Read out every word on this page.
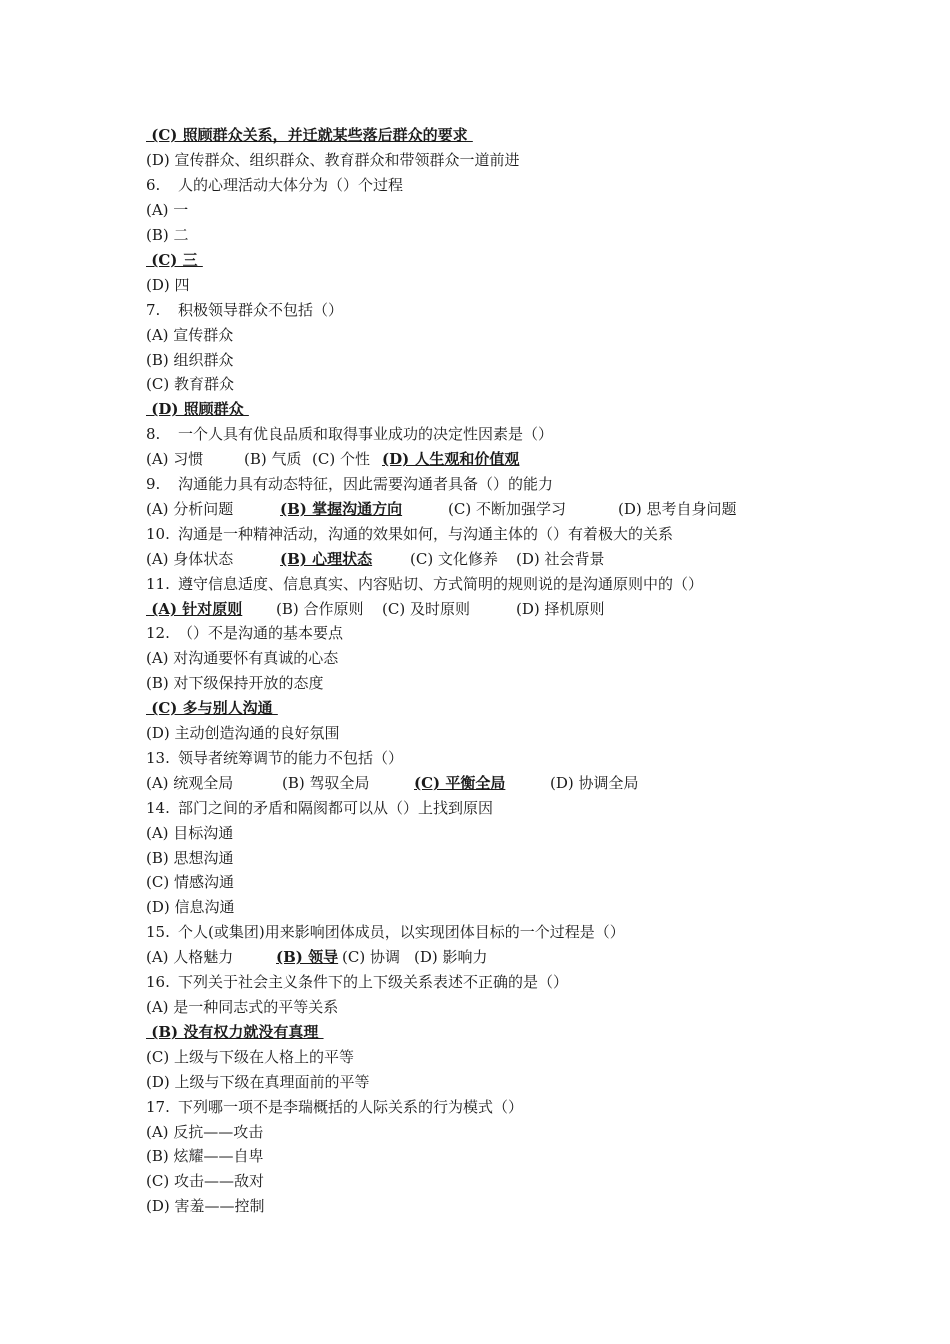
(C) 照顾群众关系，并迁就某些落后群众的要求
(D) 宣传群众、组织群众、教育群众和带领群众一道前进
6. 人的心理活动大体分为（）个过程
(A) 一
(B) 二
(C) 三
(D) 四
7. 积极领导群众不包括（）
(A) 宣传群众
(B) 组织群众
(C) 教育群众
(D) 照顾群众
8. 一个人具有优良品质和取得事业成功的决定性因素是（）
(A) 习惯	(B) 气质 (C) 个性 (D) 人生观和价值观
9. 沟通能力具有动态特征，因此需要沟通者具备（）的能力
(A) 分析问题	(B) 掌握沟通方向	(C) 不断加强学习	(D) 思考自身问题
10. 沟通是一种精神活动，沟通的效果如何，与沟通主体的（）有着极大的关系
(A) 身体状态	(B) 心理状态	(C) 文化修养 (D) 社会背景
11. 遵守信息适度、信息真实、内容贴切、方式简明的规则说的是沟通原则中的（）
(A) 针对原则 (B) 合作原则 (C) 及时原则	(D) 择机原则
12. （）不是沟通的基本要点
(A) 对沟通要怀有真诚的心态
(B) 对下级保持开放的态度
(C) 多与别人沟通
(D) 主动创造沟通的良好氛围
13. 领导者统筹调节的能力不包括（）
(A) 统观全局	(B) 驾驭全局	(C) 平衡全局	(D) 协调全局
14. 部门之间的矛盾和隔阂都可以从（）上找到原因
(A) 目标沟通
(B) 思想沟通
(C) 情感沟通
(D) 信息沟通
15. 个人(或集团)用来影响团体成员，以实现团体目标的一个过程是（）
(A) 人格魅力	(B) 领导 (C) 协调 (D) 影响力
16. 下列关于社会主义条件下的上下级关系表述不正确的是（）
(A) 是一种同志式的平等关系
(B) 没有权力就没有真理
(C) 上级与下级在人格上的平等
(D) 上级与下级在真理面前的平等
17. 下列哪一项不是李瑞概括的人际关系的行为模式（）
(A) 反抗——攻击
(B) 炫耀——自卑
(C) 攻击——敌对
(D) 害羞——控制
